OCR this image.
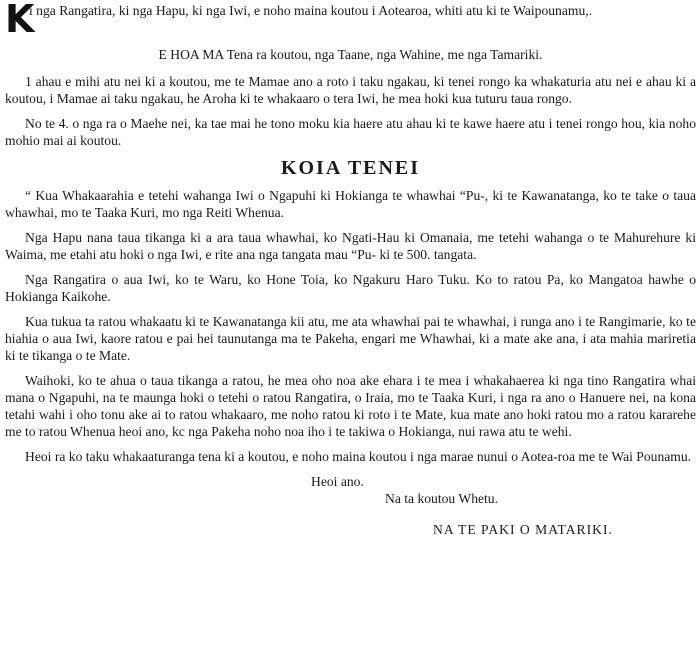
K
i nga Rangatira, ki nga Hapu, ki nga Iwi, e noho maina koutou i Aotearoa, whiti atu ki te Waipounamu,.

E HOA MA Tena ra koutou, nga Taane, nga Wahine, me nga Tamariki.

1 ahau e mihi atu nei ki a koutou, me te Mamae ano a roto i taku ngakau, ki tenei rongo ka whakaturia atu nei e ahau ki a koutou, i Mamae ai taku ngakau, he Aroha ki te whakaaro o tera Iwi, he mea hoki kua tuturu taua rongo.

No te 4. o nga ra o Maehe nei, ka tae mai he tono moku kia haere atu ahau ki te kawe haere atu i tenei rongo hou, kia noho mohio mai ai koutou.

KOIA TENEI

“ Kua Whakaarahia e tetehi wahanga Iwi o Ngapuhi ki Hokianga te whawhai “Pu-, ki te Kawanatanga, ko te take o taua whawhai, mo te Taaka Kuri, mo nga Reiti Whenua.

Nga Hapu nana taua tikanga ki a ara taua whawhai, ko Ngati-Hau ki Omanaia, me tetehi wahanga o te Mahurehure ki Waima, me etahi atu hoki o nga Iwi, e rite ana nga tangata mau “Pu- ki te 500. tangata.

Nga Rangatira o aua Iwi, ko te Waru, ko Hone Toia, ko Ngakuru Haro Tuku. Ko to ratou Pa, ko Mangatoa hawhe o Hokianga Kaikohe.

Kua tukua ta ratou whakaatu ki te Kawanatanga kii atu, me ata whawhai pai te whawhai, i runga ano i te Rangimarie, ko te hiahia o aua Iwi, kaore ratou e pai hei taunutanga ma te Pakeha, engari me Whawhai, ki a mate ake ana, i ata mahia mariretia ki te tikanga o te Mate.

Waihoki, ko te ahua o taua tikanga a ratou, he mea oho noa ake ehara i te mea i whakahaerea ki nga tino Rangatira whai mana o Ngapuhi, na te maunga hoki o tetehi o ratou Rangatira, o Iraia, mo te Taaka Kuri, i nga ra ano o Hanuere nei, na kona tetahi wahi i oho tonu ake ai to ratou whakaaro, me noho ratou ki roto i te Mate, kua mate ano hoki ratou mo a ratou kararehe me to ratou Whenua heoi ano, kc nga Pakeha noho noa iho i te takiwa o Hokianga, nui rawa atu te wehi.

Heoi ra ko taku whakaaturanga tena ki a koutou, e noho maina koutou i nga marae nunui o Aotea-roa me te Wai Pounamu.

Heoi ano.

Na ta koutou Whetu.

NA TE PAKI O MATARIKI.
